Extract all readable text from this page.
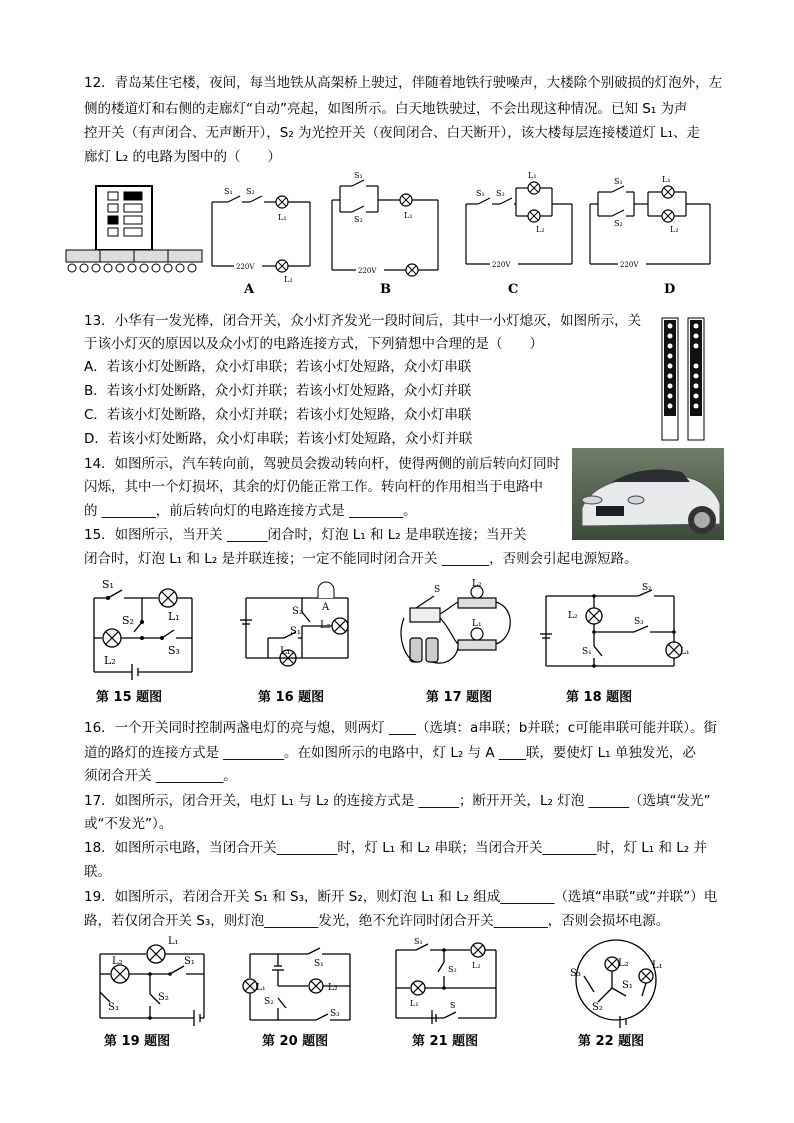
12．青岛某住宅楼，夜间，每当地铁从高架桥上驶过，伴随着地铁行驶噪声，大楼除个别破损的灯泡外，左
侧的楼道灯和右侧的走廊灯“自动”亮起，如图所示。白天地铁驶过，不会出现这种情况。已知 S₁ 为声
控开关（有声闭合、无声断开），S₂ 为光控开关（夜间闭合、白天断开），该大楼每层连接楼道灯 L₁、走
廊灯 L₂ 的电路为图中的（　　）
S₁ S₂
L₁
220V
L₂
A
S₁
S₂	L₁
220V
B
S₁ S₂
L₁
L₂
220V
C
S₁
S₂
L₁
L₂
220V
D
13．小华有一发光棒，闭合开关，众小灯齐发光一段时间后，其中一小灯熄灭，如图所示，关
于该小灯灭的原因以及众小灯的电路连接方式，下列猜想中合理的是（　　）
A．若该小灯处断路，众小灯串联；若该小灯处短路，众小灯串联
B．若该小灯处断路，众小灯并联；若该小灯处短路，众小灯并联
C．若该小灯处断路，众小灯并联；若该小灯处短路，众小灯串联
D．若该小灯处断路，众小灯串联；若该小灯处短路，众小灯并联
14．如图所示，汽车转向前，驾驶员会拨动转向杆，使得两侧的前后转向灯同时
闪烁，其中一个灯损坏，其余的灯仍能正常工作。转向杆的作用相当于电路中
的 ________，前后转向灯的电路连接方式是 ________。
15．如图所示，当开关 ______闭合时，灯泡 L₁ 和 L₂ 是串联连接；当开关
闭合时，灯泡 L₁ 和 L₂ 是并联连接；一定不能同时闭合开关 _______，否则会引起电源短路。
S₁
L₁
S₂
S₃
L₂
第 15 题图
A
S₂
L₂
S₁
L₁
第 16 题图
S
L₂
L₁
第 17 题图
S₂
L₂
S₃
S₁	L₁
第 18 题图
16．一个开关同时控制两盏电灯的亮与熄，则两灯 ____（选填：a串联；b并联；c可能串联可能并联）。街
道的路灯的连接方式是 _________。在如图所示的电路中，灯 L₂ 与 A ____联，要使灯 L₁ 单独发光，必
须闭合开关 __________。
17．如图所示，闭合开关，电灯 L₁ 与 L₂ 的连接方式是 ______；断开开关，L₂ 灯泡 ______（选填“发光”
或“不发光”）。
18．如图所示电路，当闭合开关_________时，灯 L₁ 和 L₂ 串联；当闭合开关________时，灯 L₁ 和 L₂ 并
联。
19．如图所示，若闭合开关 S₁ 和 S₃，断开 S₂，则灯泡 L₁ 和 L₂ 组成________（选填“串联”或“并联”）电
路，若仅闭合开关 S₃，则灯泡________发光，绝不允许同时闭合开关________，否则会损坏电源。
L₁
L₂	S₁
S₃
S₂
第 19 题图
S₁
L₁
S₂
L₂
S₃
第 20 题图
S₁
S₂ L₂
L₁	S
第 21 题图
L₂ L₁
S₃
S₁
S₂
第 22 题图
